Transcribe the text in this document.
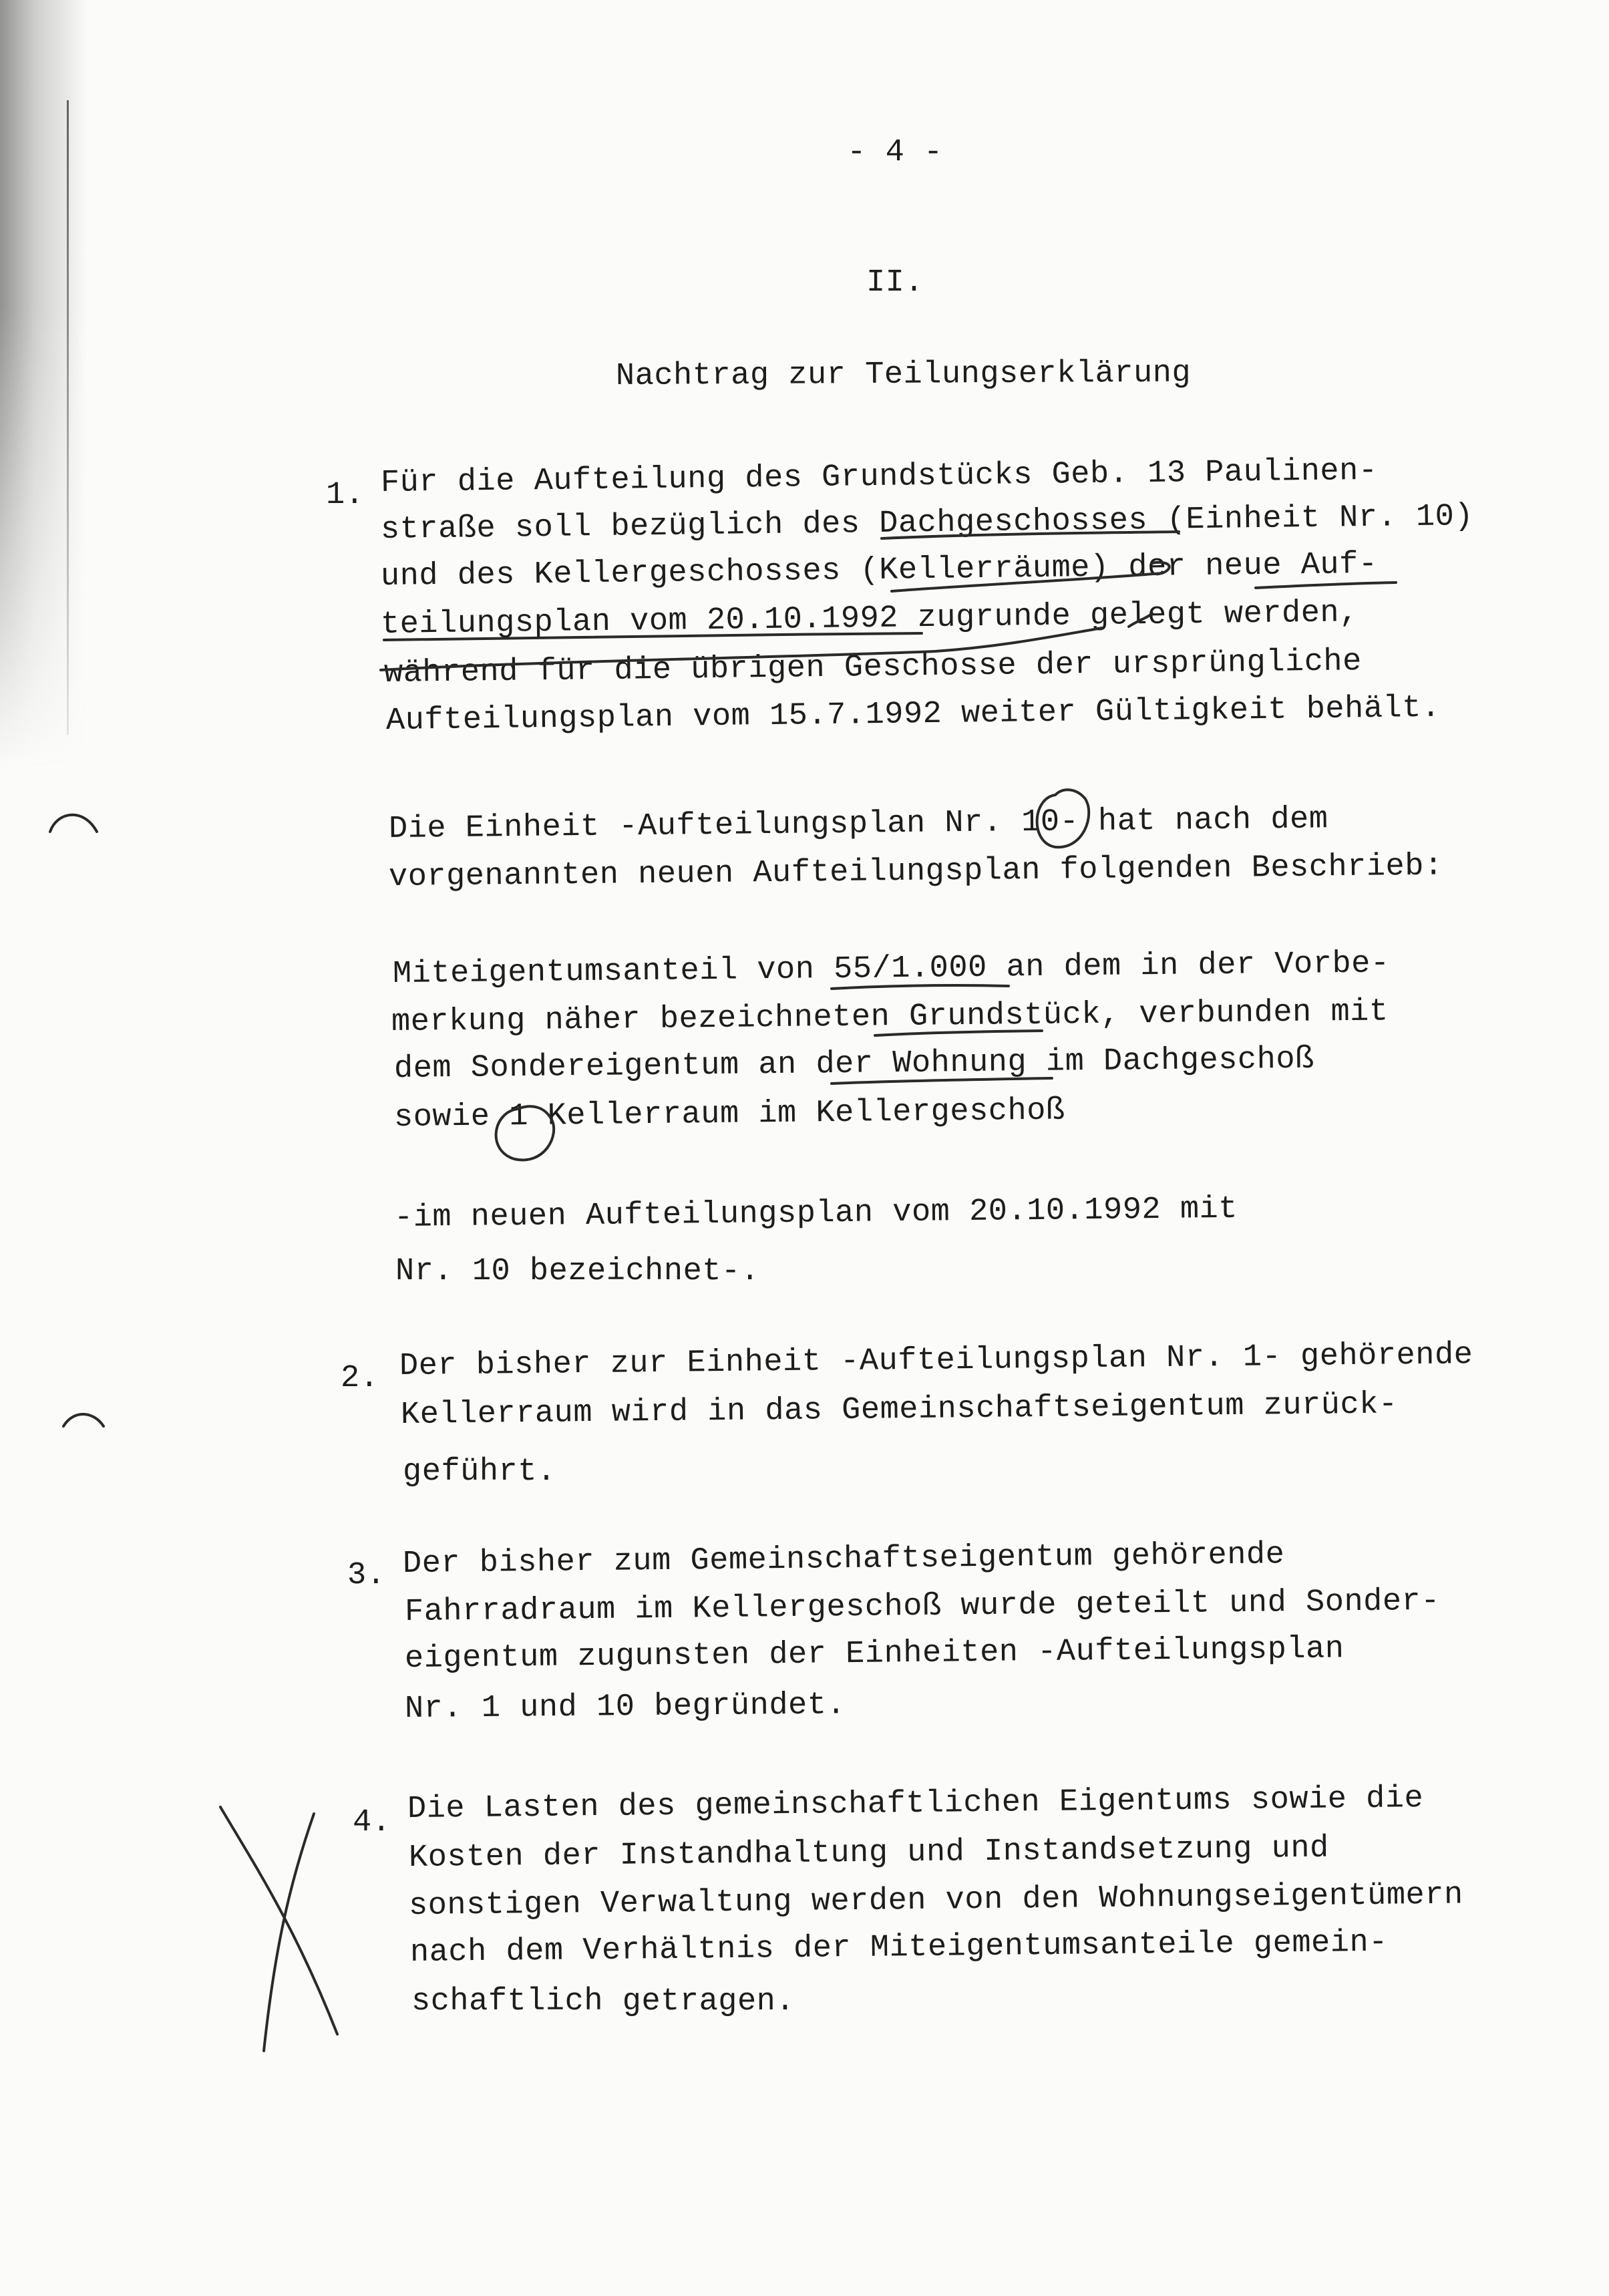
- 4 -
II.
Nachtrag zur Teilungserklärung
1. Für die Aufteilung des Grundstücks Geb. 13 Paulinen-
straße soll bezüglich des Dachgeschosses (Einheit Nr. 10)
und des Kellergeschosses (Kellerräume) der neue Auf-
teilungsplan vom 20.10.1992 zugrunde gelegt werden,
während für die übrigen Geschosse der ursprüngliche
Aufteilungsplan vom 15.7.1992 weiter Gültigkeit behält.
Die Einheit -Aufteilungsplan Nr. 10- hat nach dem
vorgenannten neuen Aufteilungsplan folgenden Beschrieb:
Miteigentumsanteil von 55/1.000 an dem in der Vorbe-
merkung näher bezeichneten Grundstück, verbunden mit
dem Sondereigentum an der Wohnung im Dachgeschoß
sowie 1 Kellerraum im Kellergeschoß
-im neuen Aufteilungsplan vom 20.10.1992 mit
Nr. 10 bezeichnet-.
2. Der bisher zur Einheit -Aufteilungsplan Nr. 1- gehörende
Kellerraum wird in das Gemeinschaftseigentum zurück-
geführt.
3. Der bisher zum Gemeinschaftseigentum gehörende
Fahrradraum im Kellergeschoß wurde geteilt und Sonder-
eigentum zugunsten der Einheiten -Aufteilungsplan
Nr. 1 und 10 begründet.
4. Die Lasten des gemeinschaftlichen Eigentums sowie die
Kosten der Instandhaltung und Instandsetzung und
sonstigen Verwaltung werden von den Wohnungseigentümern
nach dem Verhältnis der Miteigentumsanteile gemein-
schaftlich getragen.
